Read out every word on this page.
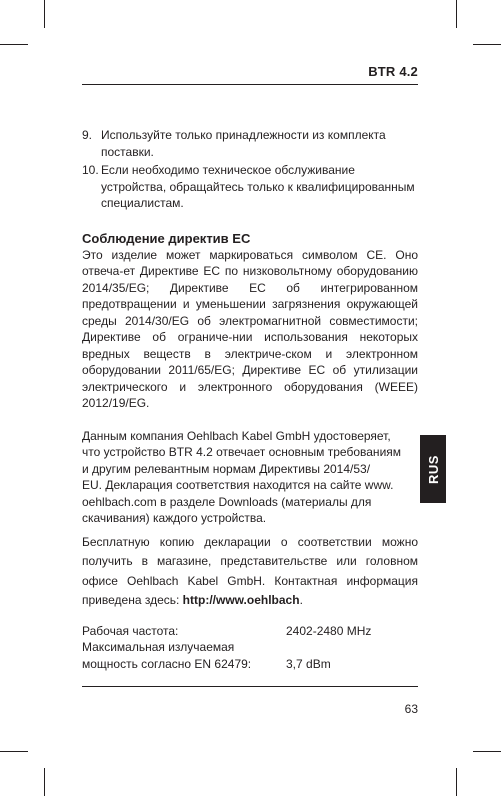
BTR 4.2
9. Используйте только принадлежности из комплекта поставки.
10. Если необходимо техническое обслуживание устройства, обращайтесь только к квалифицированным специалистам.
Соблюдение директив ЕС
Это изделие может маркироваться символом CE. Оно отвеча-ет Директиве ЕС по низковольтному оборудованию 2014/35/EG; Директиве ЕС об интегрированном предотвращении и уменьшении загрязнения окружающей среды 2014/30/EG об электромагнитной совместимости; Директиве об ограниче-нии использования некоторых вредных веществ в электриче-ском и электронном оборудовании 2011/65/EG; Директиве ЕС об утилизации электрического и электронного оборудования (WEEE) 2012/19/EG.
Данным компания Oehlbach Kabel GmbH удостоверяет,
что устройство BTR 4.2 отвечает основным требованиям
и другим релевантным нормам Директивы 2014/53/
EU. Декларация соответствия находится на сайте www.
oehlbach.com в разделе Downloads (материалы для
скачивания) каждого устройства.
Бесплатную копию декларации о соответствии можно получить в магазине, представительстве или головном офисе Oehlbach Kabel GmbH. Контактная информация приведена здесь: http://www.oehlbach.
Рабочая частота:	2402-2480 MHz
Максимальная излучаемая
мощность согласно EN 62479:	3,7 dBm
RUS
63
